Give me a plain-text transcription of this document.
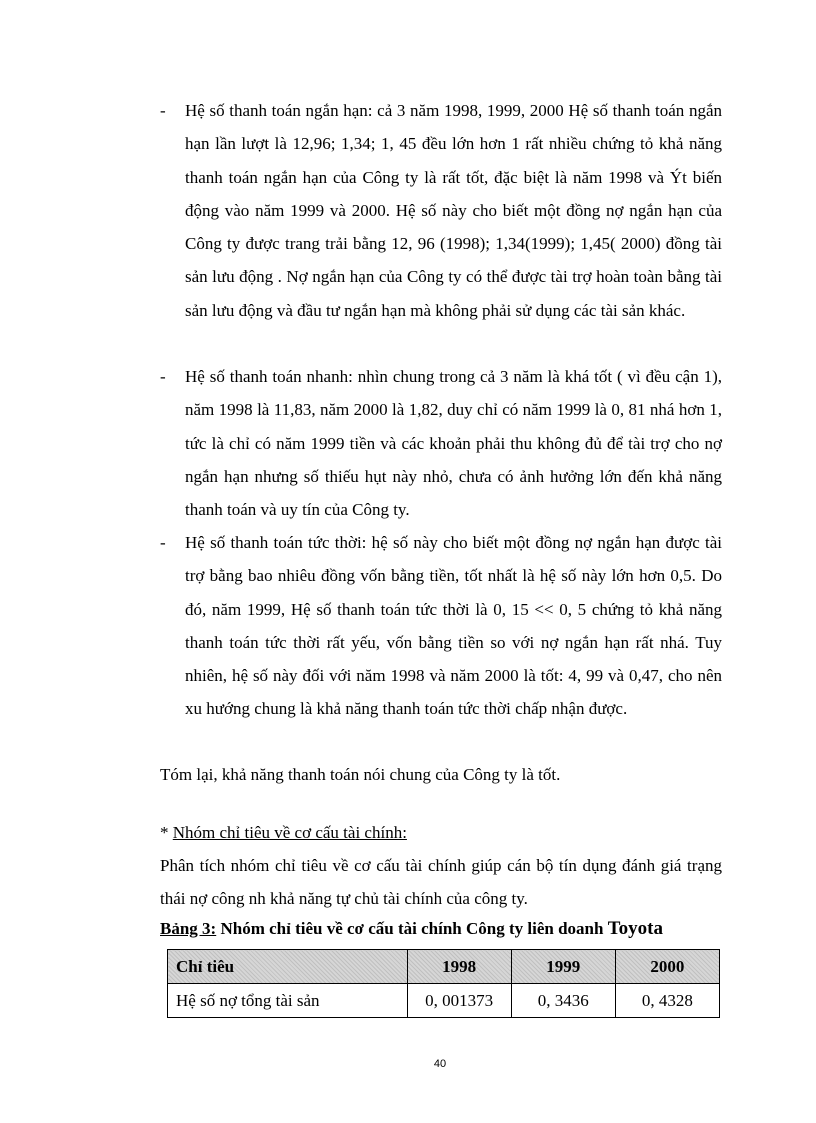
- Hệ số thanh toán ngắn hạn: cả 3 năm 1998, 1999, 2000 Hệ số thanh toán ngắn hạn lần lượt là 12,96; 1,34; 1, 45 đều lớn hơn 1 rất nhiều chứng tỏ khả năng thanh toán ngắn hạn của Công ty là rất tốt, đặc biệt là năm 1998 và Ýt biến động vào năm 1999 và 2000. Hệ số này cho biết một đồng nợ ngắn hạn của Công ty được trang trải bằng 12, 96 (1998); 1,34(1999); 1,45( 2000) đồng tài sản lưu động . Nợ ngắn hạn của Công ty có thể được tài trợ hoàn toàn bằng tài sản lưu động và đầu tư ngắn hạn mà không phải sử dụng các tài sản khác.
- Hệ số thanh toán nhanh: nhìn chung trong cả 3 năm là khá tốt ( vì đều cận 1), năm 1998 là 11,83, năm 2000 là 1,82, duy chỉ có năm 1999 là 0, 81 nhá hơn 1, tức là chỉ có năm 1999 tiền và các khoản phải thu không đủ để tài trợ cho nợ ngắn hạn nhưng số thiếu hụt này nhỏ, chưa có ảnh hưởng lớn đến khả năng thanh toán và uy tín của Công ty.
- Hệ số thanh toán tức thời: hệ số này cho biết một đồng nợ ngắn hạn được tài trợ bằng bao nhiêu đồng vốn bằng tiền, tốt nhất là hệ số này lớn hơn 0,5. Do đó, năm 1999, Hệ số thanh toán tức thời là 0, 15 << 0, 5 chứng tỏ khả năng thanh toán tức thời rất yếu, vốn bằng tiền so với nợ ngắn hạn rất nhá. Tuy nhiên, hệ số này đối với năm 1998 và năm 2000 là tốt: 4, 99 và 0,47, cho nên xu hướng chung là khả năng thanh toán tức thời chấp nhận được.
Tóm lại, khả năng thanh toán nói chung của Công ty là tốt.
* Nhóm chỉ tiêu về cơ cấu tài chính:
Phân tích nhóm chỉ tiêu về cơ cấu tài chính giúp cán bộ tín dụng đánh giá trạng thái nợ công nh khả năng tự chủ tài chính của công ty.
Bảng 3: Nhóm chỉ tiêu về cơ cấu tài chính Công ty liên doanh Toyota
Chỉ tiêu	1998	1999	2000
Hệ số nợ tổng tài sản	0, 001373	0, 3436	0, 4328
40
